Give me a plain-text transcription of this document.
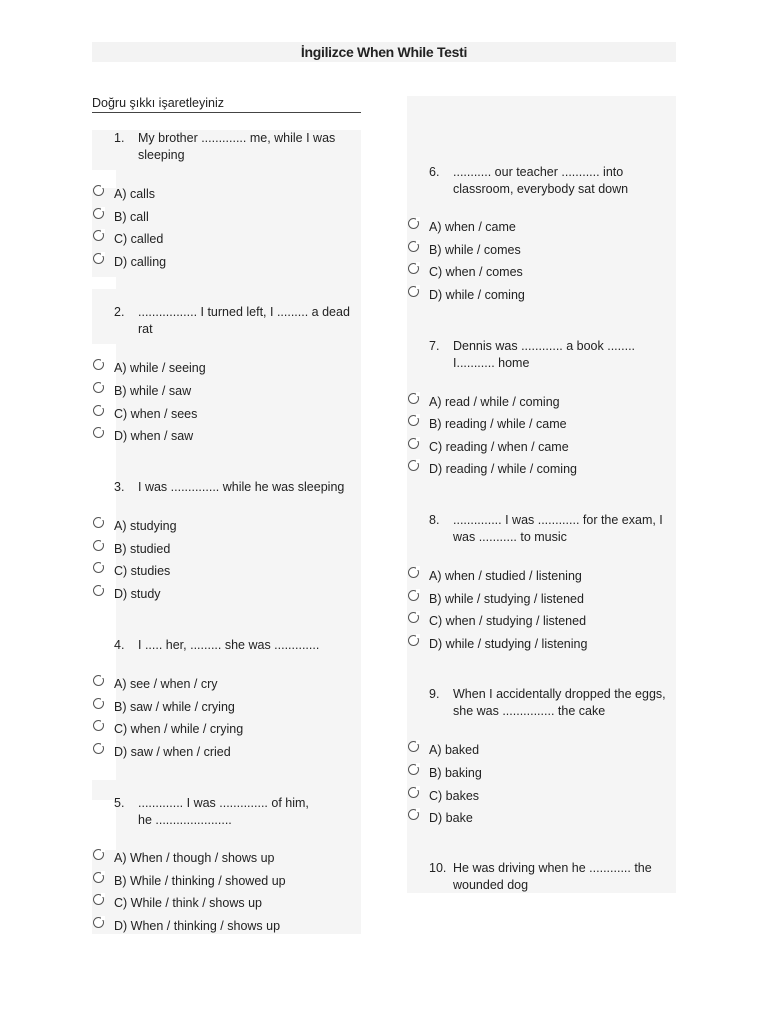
İngilizce When While Testi
Doğru şıkkı işaretleyiniz
1.	My brother ............. me, while I was sleeping
A) calls
B) call
C) called
D) calling
2.	................. I turned left, I ......... a dead rat
A) while / seeing
B) while / saw
C) when / sees
D) when / saw
3.	I was .............. while he was sleeping
A) studying
B) studied
C) studies
D) study
4.	I ..... her, ......... she was .............
A) see / when / cry
B) saw / while / crying
C) when / while / crying
D) saw / when / cried
5.	............. I was .............. of him, he ......................
A) When / though / shows up
B) While / thinking / showed up
C) While / think / shows up
D) When / thinking / shows up
6.	........... our teacher ........... into classroom, everybody sat down
A) when / came
B) while / comes
C) when / comes
D) while / coming
7.	Dennis was ............ a book ........ I........... home
A) read / while / coming
B) reading / while / came
C) reading / when / came
D) reading / while / coming
8.	.............. I was ............ for the exam, I was ........... to music
A) when / studied / listening
B) while / studying / listened
C) when / studying / listened
D) while / studying / listening
9.	When I accidentally dropped the eggs, she was ............... the cake
A) baked
B) baking
C) bakes
D) bake
10. He was driving when he ............ the wounded dog
